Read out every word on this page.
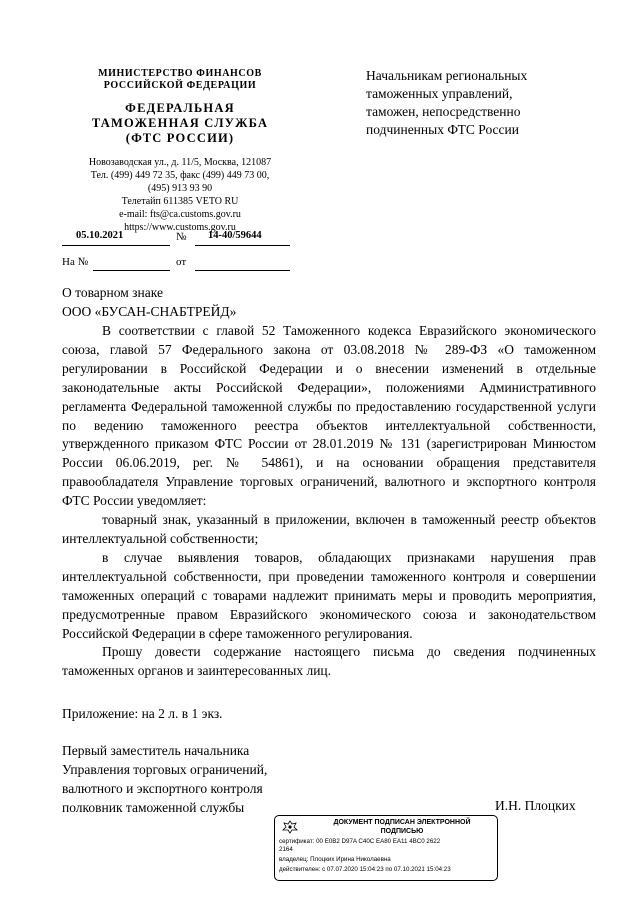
МИНИСТЕРСТВО ФИНАНСОВ
РОССИЙСКОЙ ФЕДЕРАЦИИ
ФЕДЕРАЛЬНАЯ
ТАМОЖЕННАЯ СЛУЖБА
(ФТС РОССИИ)
Новозаводская ул., д. 11/5, Москва, 121087
Тел. (499) 449 72 35, факс (499) 449 73 00,
(495) 913 93 90
Телетайп 611385 VETO RU
e-mail: fts@ca.customs.gov.ru
https://www.customs.gov.ru
05.10.2021	№ 14-40/59644
На №	от
Начальникам региональных
таможенных управлений,
таможен, непосредственно
подчиненных ФТС России
О товарном знаке
ООО «БУСАН-СНАБТРЕЙД»

В соответствии с главой 52 Таможенного кодекса Евразийского экономического союза, главой 57 Федерального закона от 03.08.2018 № 289-ФЗ «О таможенном регулировании в Российской Федерации и о внесении изменений в отдельные законодательные акты Российской Федерации», положениями Административного регламента Федеральной таможенной службы по предоставлению государственной услуги по ведению таможенного реестра объектов интеллектуальной собственности, утвержденного приказом ФТС России от 28.01.2019 № 131 (зарегистрирован Минюстом России 06.06.2019, рег. № 54861), и на основании обращения представителя правообладателя Управление торговых ограничений, валютного и экспортного контроля ФТС России уведомляет:

товарный знак, указанный в приложении, включен в таможенный реестр объектов интеллектуальной собственности;

в случае выявления товаров, обладающих признаками нарушения прав интеллектуальной собственности, при проведении таможенного контроля и совершении таможенных операций с товарами надлежит принимать меры и проводить мероприятия, предусмотренные правом Евразийского экономического союза и законодательством Российской Федерации в сфере таможенного регулирования.

Прошу довести содержание настоящего письма до сведения подчиненных таможенных органов и заинтересованных лиц.

Приложение: на 2 л. в 1 экз.
Первый заместитель начальника
Управления торговых ограничений,
валютного и экспортного контроля
полковник таможенной службы	И.Н. Плоцких
ДОКУМЕНТ ПОДПИСАН ЭЛЕКТРОННОЙ
ПОДПИСЬЮ
сертификат: 00 E0B2 D97A C40C EA80 EA11 4BC0 2622
2164
владелец: Плоцких Ирина Николаевна
действителен: с 07.07.2020 15:04:23 по 07.10.2021 15:04:23
